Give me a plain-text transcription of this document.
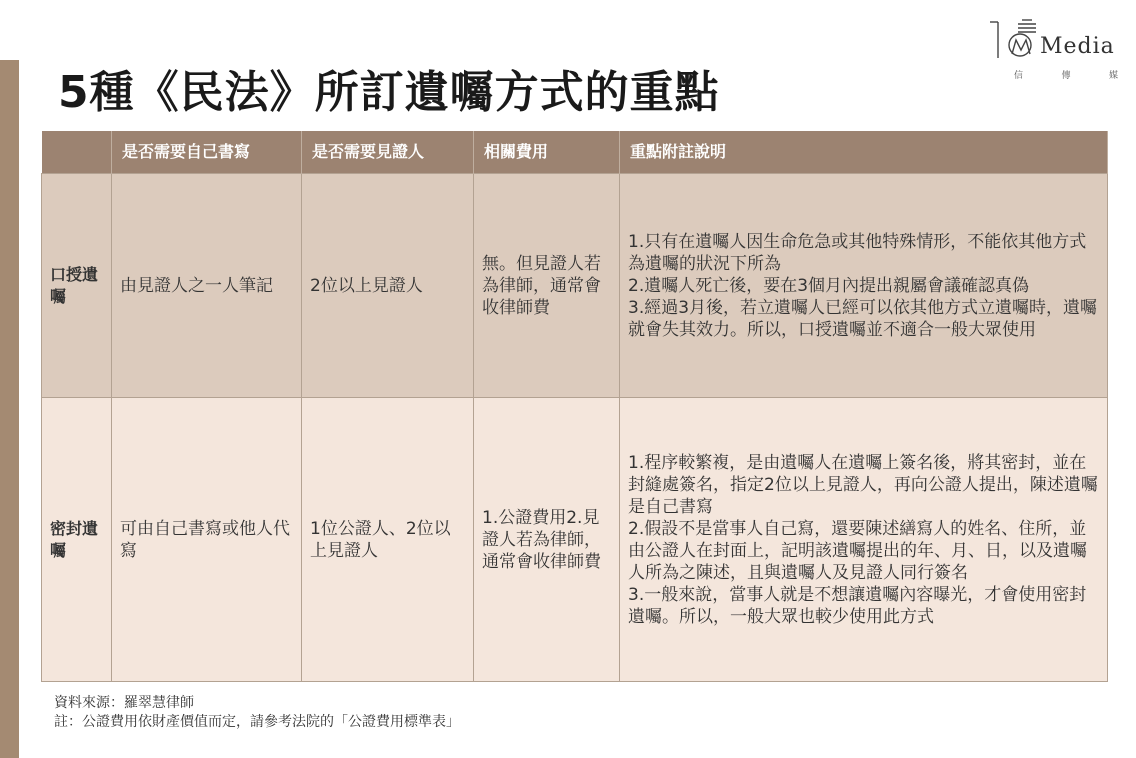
Media
信	傳	媒
5種《民法》所訂遺囑方式的重點
	是否需要自己書寫	是否需要見證人	相關費用	重點附註說明
口授遺囑	由見證人之一人筆記	2位以上見證人	無。但見證人若為律師，通常會收律師費	1.只有在遺囑人因生命危急或其他特殊情形，不能依其他方式為遺囑的狀況下所為
2.遺囑人死亡後，要在3個月內提出親屬會議確認真偽
3.經過3月後，若立遺囑人已經可以依其他方式立遺囑時，遺囑就會失其效力。所以，口授遺囑並不適合一般大眾使用

密封遺囑	可由自己書寫或他人代寫	1位公證人、2位以上見證人	1.公證費用2.見證人若為律師，通常會收律師費	1.程序較繁複，是由遺囑人在遺囑上簽名後，將其密封，並在封縫處簽名，指定2位以上見證人，再向公證人提出，陳述遺囑是自己書寫
2.假設不是當事人自己寫，還要陳述繕寫人的姓名、住所，並由公證人在封面上，記明該遺囑提出的年、月、日，以及遺囑人所為之陳述，且與遺囑人及見證人同行簽名
3.一般來說，當事人就是不想讓遺囑內容曝光，才會使用密封遺囑。所以，一般大眾也較少使用此方式
資料來源：羅翠慧律師
註：公證費用依財產價值而定，請參考法院的「公證費用標準表」
